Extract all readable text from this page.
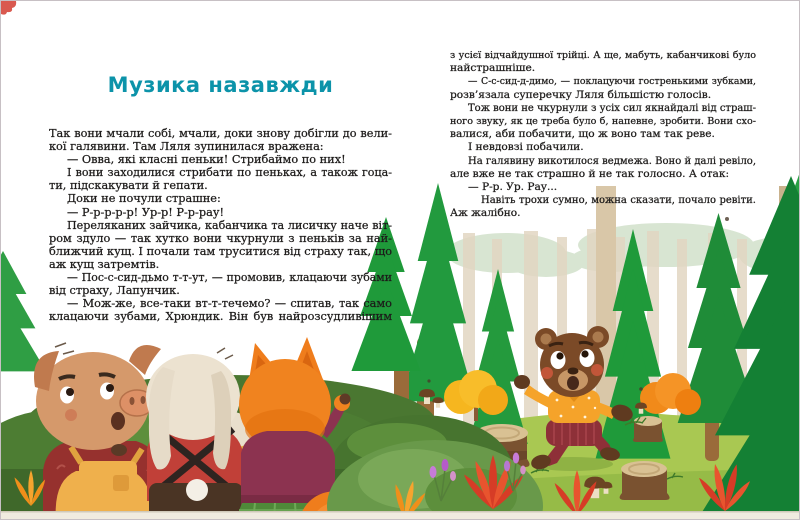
Музика назавжди
Так вони мчали собі, мчали, доки знову добігли до вели-
кої галявини. Там Ляля зупинилася вражена:
— Овва, які класні пеньки! Стрибаймо по них!
І вони заходилися стрибати по пеньках, а також гоца-
ти, підскакувати й гепати.
Доки не почули страшне:
— Р-р-р-р-р! Ур-р! Р-р-рау!
Переляканих зайчика, кабанчика та лисичку наче віт-
ром здуло — так хутко вони чкурнули з пеньків за най-
ближчий кущ. І почали там труситися від страху так, що
аж кущ затремтів.
— Пос-с-сид-дьмо т-т-ут, — промовив, клацаючи зубами
від страху, Лапунчик.
— Мож-же, все-таки вт-т-течемо? — спитав, так само
клацаючи зубами, Хрюндик. Він був найрозсудливішим
з усієї відчайдушної трійці. А ще, мабуть, кабанчикові було
найстрашніше.
— С-с-сид-д-димо, — поклацуючи гостренькими зубками,
розв’язала суперечку Ляля більшістю голосів.
Тож вони не чкурнули з усіх сил якнайдалі від страш-
ного звуку, як це треба було б, напевне, зробити. Вони схо-
валися, аби побачити, що ж воно там так реве.
І невдовзі побачили.
На галявину викотилося ведмежа. Воно й далі ревіло,
але вже не так страшно й не так голосно. А отак:
— Р-р. Ур. Рау...
Навіть трохи сумно, можна сказати, почало ревіти.
Аж жалібно.
